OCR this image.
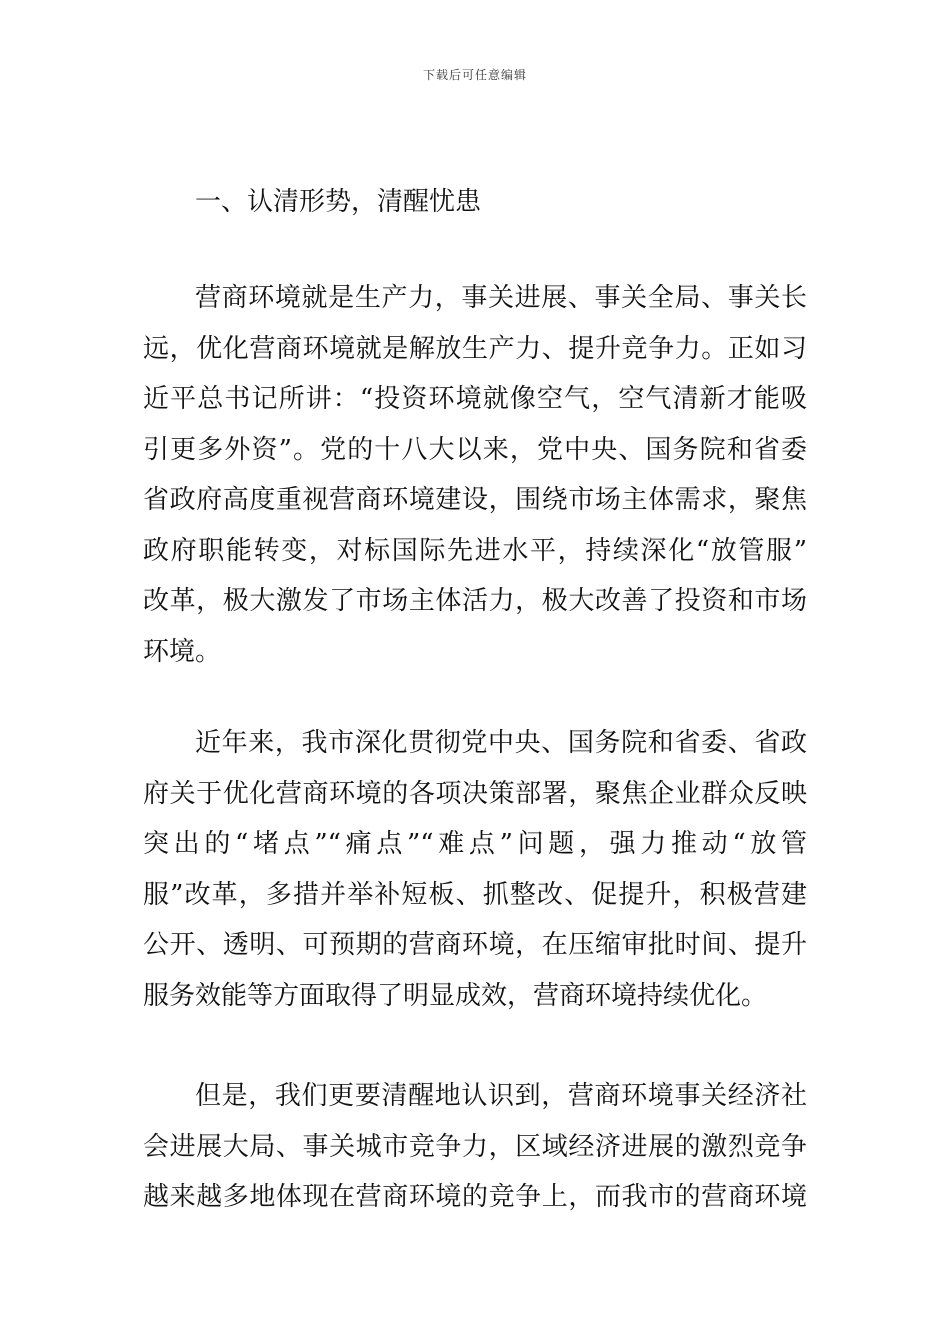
下载后可任意编辑
一、认清形势，清醒忧患
营商环境就是生产力，事关进展、事关全局、事关长
远，优化营商环境就是解放生产力、提升竞争力。正如习
近平总书记所讲：“投资环境就像空气，空气清新才能吸
引更多外资”。党的十八大以来，党中央、国务院和省委
省政府高度重视营商环境建设，围绕市场主体需求，聚焦
政府职能转变，对标国际先进水平，持续深化“放管服”
改革，极大激发了市场主体活力，极大改善了投资和市场
环境。
近年来，我市深化贯彻党中央、国务院和省委、省政
府关于优化营商环境的各项决策部署，聚焦企业群众反映
突出的“堵点”“痛点”“难点”问题，强力推动“放管
服”改革，多措并举补短板、抓整改、促提升，积极营建
公开、透明、可预期的营商环境，在压缩审批时间、提升
服务效能等方面取得了明显成效，营商环境持续优化。
但是，我们更要清醒地认识到，营商环境事关经济社
会进展大局、事关城市竞争力，区域经济进展的激烈竞争
越来越多地体现在营商环境的竞争上，而我市的营商环境
